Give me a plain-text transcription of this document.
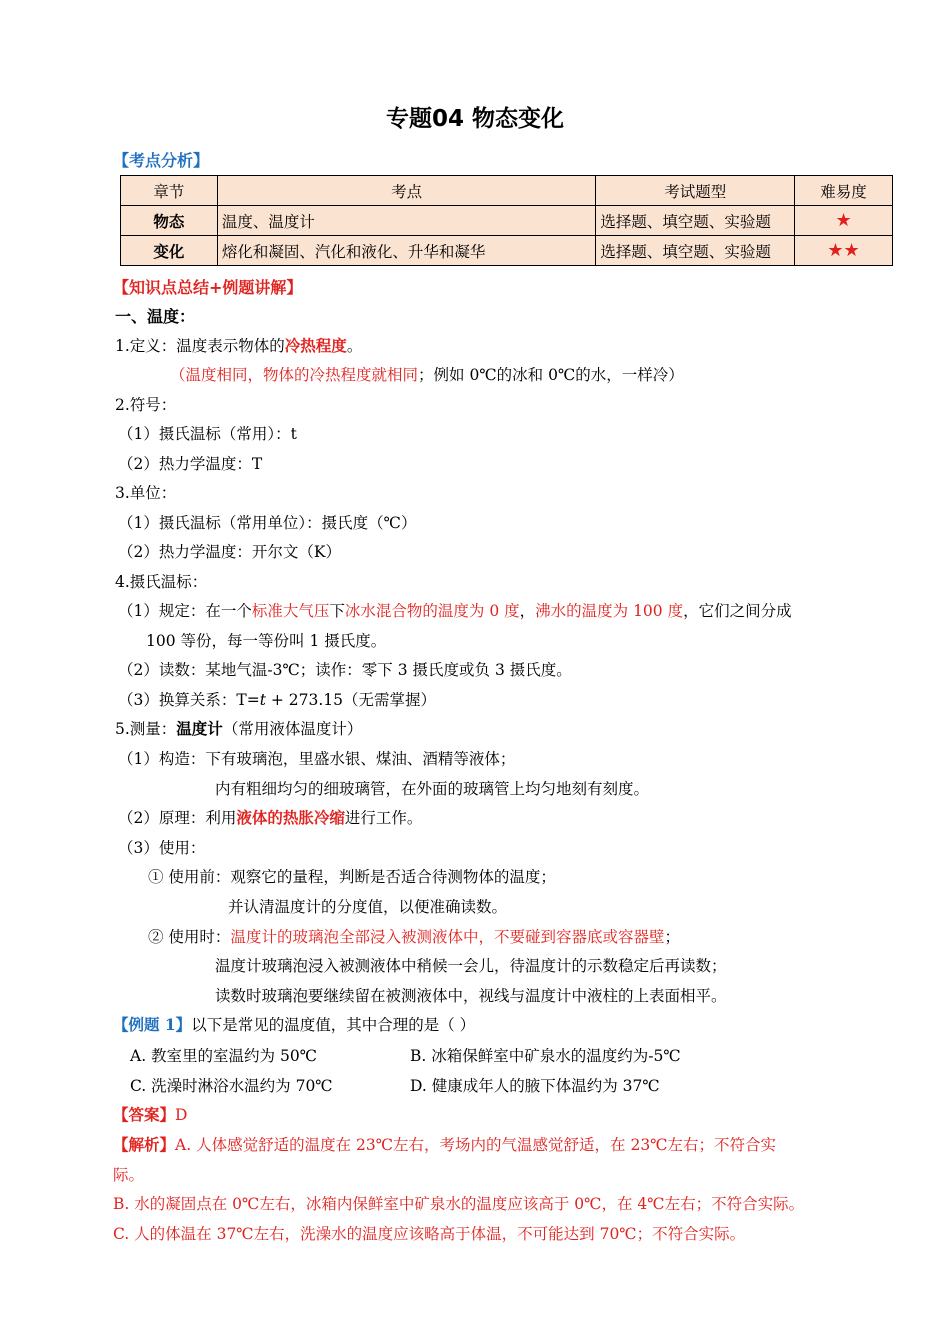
专题04 物态变化
【考点分析】
章节	考点	考试题型	难易度
物态	温度、温度计	选择题、填空题、实验题	★
变化	熔化和凝固、汽化和液化、升华和凝华	选择题、填空题、实验题	★★
【知识点总结+例题讲解】
一、温度：
1.定义：温度表示物体的冷热程度。
（温度相同，物体的冷热程度就相同；例如 0℃的冰和 0℃的水，一样冷）
2.符号：
（1）摄氏温标（常用）：t
（2）热力学温度：T
3.单位：
（1）摄氏温标（常用单位）：摄氏度（℃）
（2）热力学温度：开尔文（K）
4.摄氏温标：
（1）规定：在一个标准大气压下冰水混合物的温度为 0 度，沸水的温度为 100 度，它们之间分成
100 等份，每一等份叫 1 摄氏度。
（2）读数：某地气温-3℃；读作：零下 3 摄氏度或负 3 摄氏度。
（3）换算关系：T=t + 273.15（无需掌握）
5.测量：温度计（常用液体温度计）
（1）构造：下有玻璃泡，里盛水银、煤油、酒精等液体；
内有粗细均匀的细玻璃管，在外面的玻璃管上均匀地刻有刻度。
（2）原理：利用液体的热胀冷缩进行工作。
（3）使用：
① 使用前：观察它的量程，判断是否适合待测物体的温度；
并认清温度计的分度值，以便准确读数。
② 使用时：温度计的玻璃泡全部浸入被测液体中，不要碰到容器底或容器壁；
温度计玻璃泡浸入被测液体中稍候一会儿，待温度计的示数稳定后再读数；
读数时玻璃泡要继续留在被测液体中，视线与温度计中液柱的上表面相平。
【例题 1】以下是常见的温度值，其中合理的是（ ）
A. 教室里的室温约为 50℃	B. 冰箱保鲜室中矿泉水的温度约为-5℃
C. 洗澡时淋浴水温约为 70℃	D. 健康成年人的腋下体温约为 37℃
【答案】D
【解析】A. 人体感觉舒适的温度在 23℃左右，考场内的气温感觉舒适，在 23℃左右；不符合实
际。
B. 水的凝固点在 0℃左右，冰箱内保鲜室中矿泉水的温度应该高于 0℃，在 4℃左右；不符合实际。
C. 人的体温在 37℃左右，洗澡水的温度应该略高于体温，不可能达到 70℃；不符合实际。
